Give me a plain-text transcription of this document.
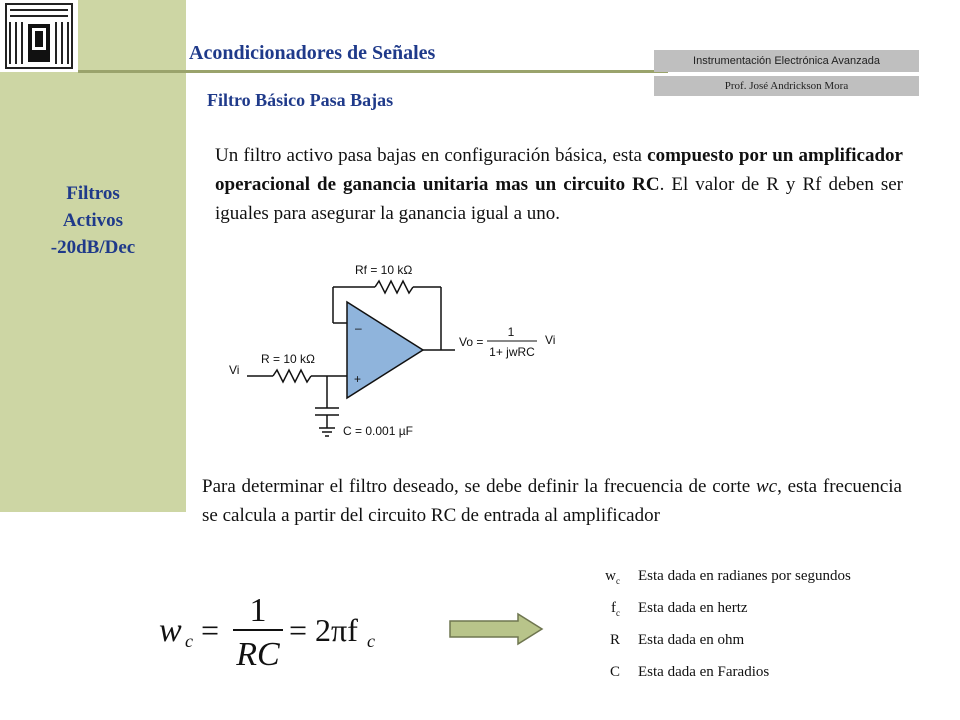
Filtros
Activos
-20dB/Dec
Acondicionadores de Señales
Filtro Básico Pasa Bajas
Instrumentación Electrónica Avanzada
Prof. José Andrickson Mora
Un filtro activo pasa bajas en configuración básica, esta compuesto por un amplificador operacional de ganancia unitaria mas un circuito RC. El valor de R y Rf deben ser iguales para asegurar la ganancia igual a uno.
–
+
Rf = 10 kΩ
R = 10 kΩ
C = 0.001 µF
Vi
Vo =
1
1+ jwRC
Vi
Para determinar el filtro deseado, se debe definir la frecuencia de corte wc, esta frecuencia se calcula a partir del circuito RC de entrada al amplificador
w c =
1
RC
= 2πf c
$w_c$ Esta dada en radianes por segundos
$f_c$ Esta dada en hertz
R Esta dada en ohm
C Esta dada en Faradios
